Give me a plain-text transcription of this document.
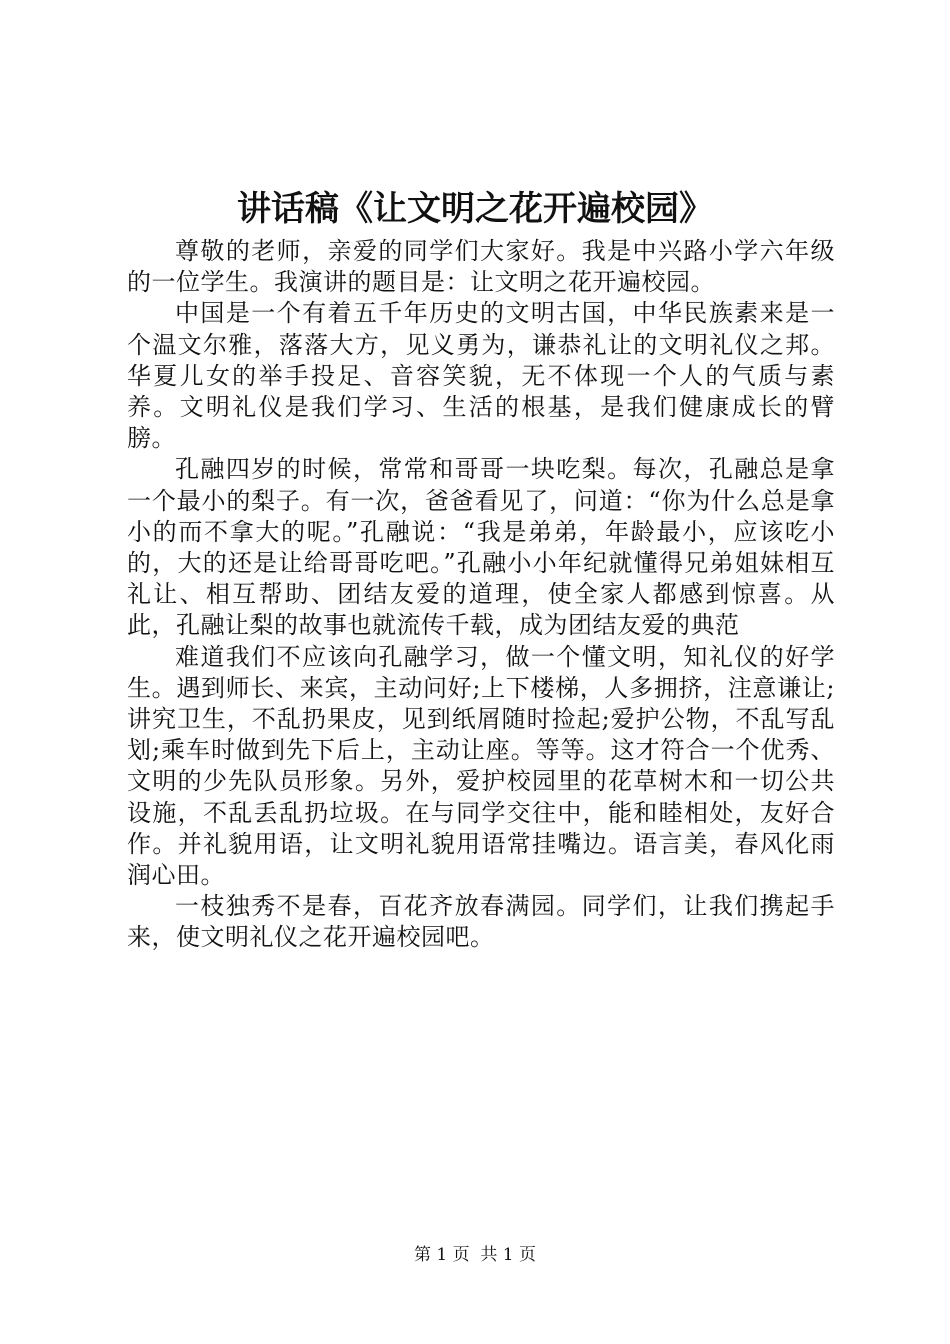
讲话稿《让文明之花开遍校园》

尊敬的老师，亲爱的同学们大家好。我是中兴路小学六年级的一位学生。我演讲的题目是：让文明之花开遍校园。

中国是一个有着五千年历史的文明古国，中华民族素来是一个温文尔雅，落落大方，见义勇为，谦恭礼让的文明礼仪之邦。华夏儿女的举手投足、音容笑貌，无不体现一个人的气质与素养。文明礼仪是我们学习、生活的根基，是我们健康成长的臂膀。

孔融四岁的时候，常常和哥哥一块吃梨。每次，孔融总是拿一个最小的梨子。有一次，爸爸看见了，问道：“你为什么总是拿小的而不拿大的呢。”孔融说：“我是弟弟，年龄最小，应该吃小的，大的还是让给哥哥吃吧。”孔融小小年纪就懂得兄弟姐妹相互礼让、相互帮助、团结友爱的道理，使全家人都感到惊喜。从此，孔融让梨的故事也就流传千载，成为团结友爱的典范

难道我们不应该向孔融学习，做一个懂文明，知礼仪的好学生。遇到师长、来宾，主动问好;上下楼梯，人多拥挤，注意谦让;讲究卫生，不乱扔果皮，见到纸屑随时捡起;爱护公物，不乱写乱划;乘车时做到先下后上，主动让座。等等。这才符合一个优秀、文明的少先队员形象。另外，爱护校园里的花草树木和一切公共设施，不乱丢乱扔垃圾。在与同学交往中，能和睦相处，友好合作。并礼貌用语，让文明礼貌用语常挂嘴边。语言美，春风化雨润心田。

一枝独秀不是春，百花齐放春满园。同学们，让我们携起手来，使文明礼仪之花开遍校园吧。

第 1 页 共 1 页
